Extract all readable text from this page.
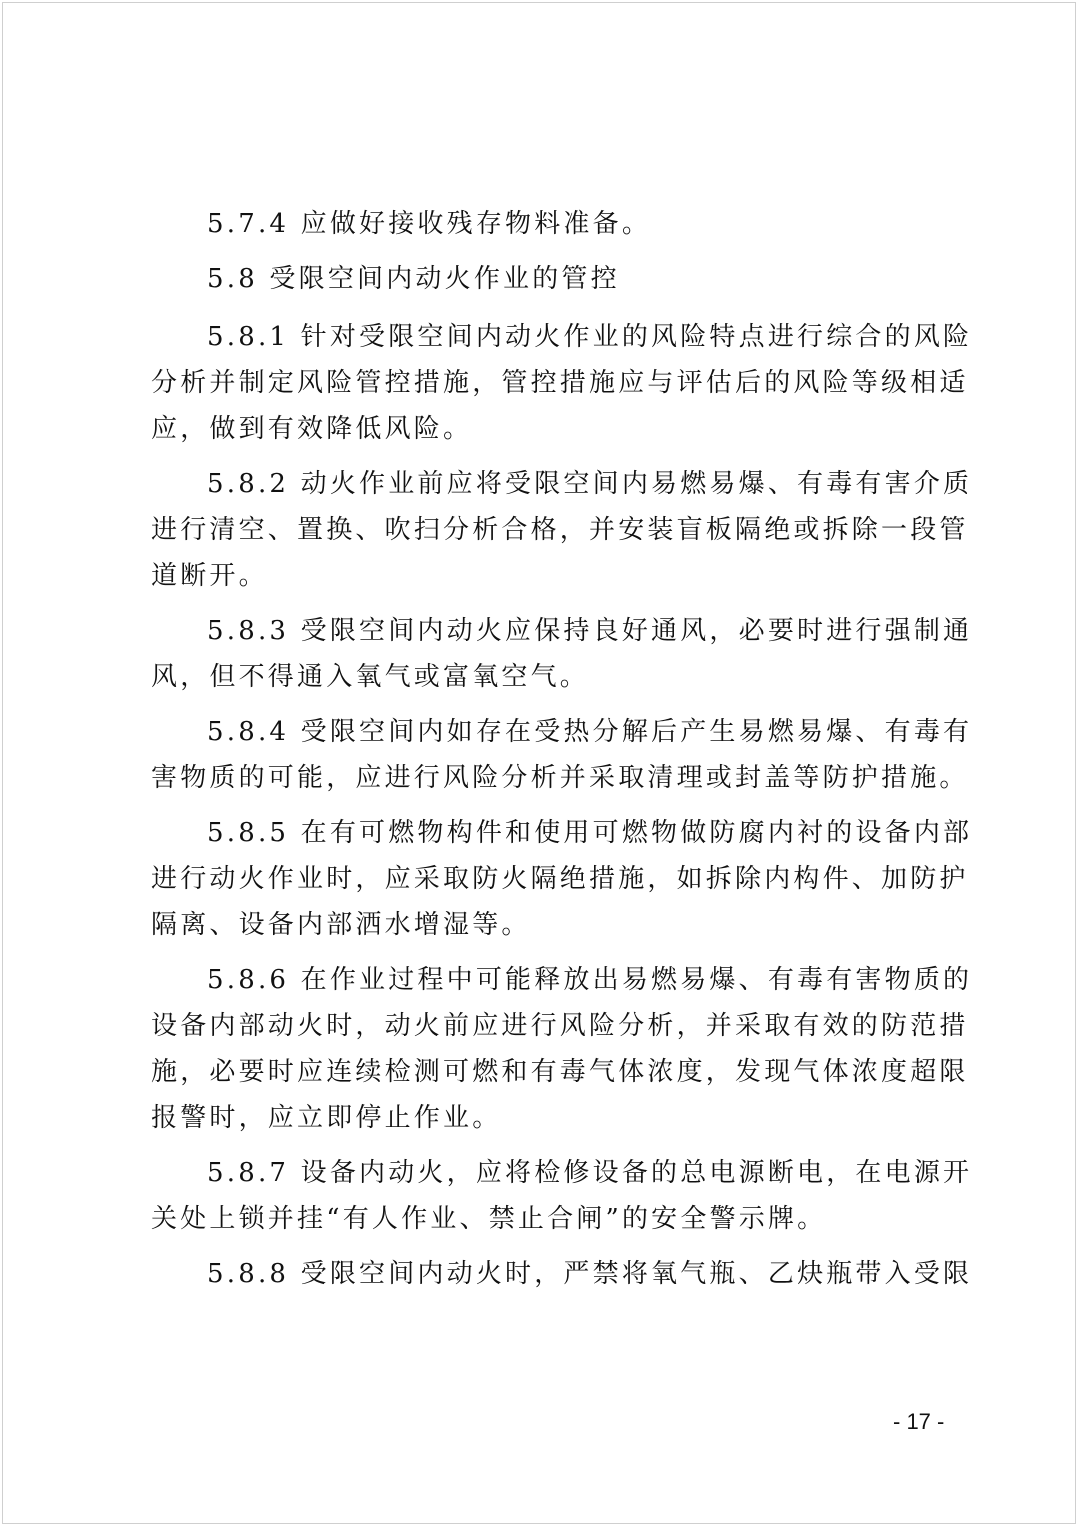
5.7.4 应做好接收残存物料准备。
5.8 受限空间内动火作业的管控
5.8.1 针对受限空间内动火作业的风险特点进行综合的风险
分析并制定风险管控措施，管控措施应与评估后的风险等级相适
应，做到有效降低风险。
5.8.2 动火作业前应将受限空间内易燃易爆、有毒有害介质
进行清空、置换、吹扫分析合格，并安装盲板隔绝或拆除一段管
道断开。
5.8.3 受限空间内动火应保持良好通风，必要时进行强制通
风，但不得通入氧气或富氧空气。
5.8.4 受限空间内如存在受热分解后产生易燃易爆、有毒有
害物质的可能，应进行风险分析并采取清理或封盖等防护措施。
5.8.5 在有可燃物构件和使用可燃物做防腐内衬的设备内部
进行动火作业时，应采取防火隔绝措施，如拆除内构件、加防护
隔离、设备内部洒水增湿等。
5.8.6 在作业过程中可能释放出易燃易爆、有毒有害物质的
设备内部动火时，动火前应进行风险分析，并采取有效的防范措
施，必要时应连续检测可燃和有毒气体浓度，发现气体浓度超限
报警时，应立即停止作业。
5.8.7 设备内动火，应将检修设备的总电源断电，在电源开
关处上锁并挂“有人作业、禁止合闸”的安全警示牌。
5.8.8 受限空间内动火时，严禁将氧气瓶、乙炔瓶带入受限
- 17 -
